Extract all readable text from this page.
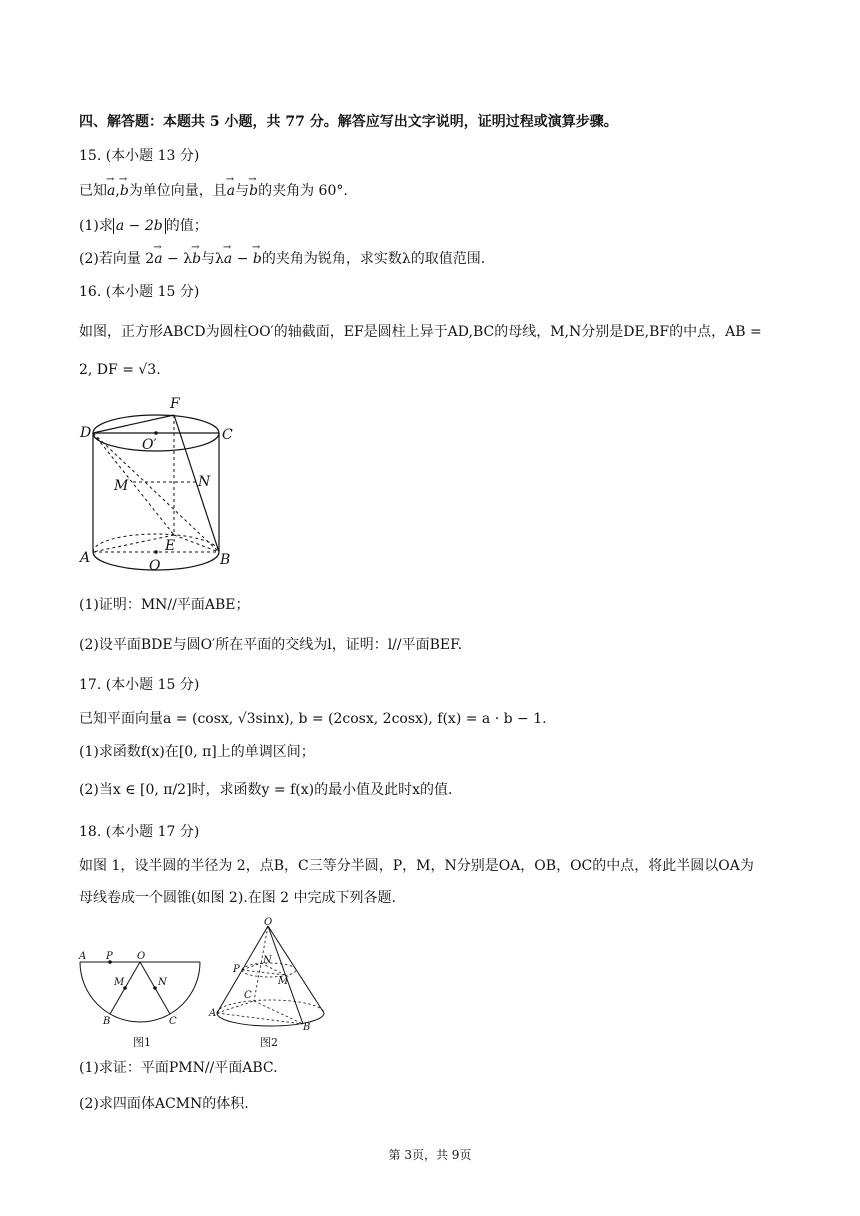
四、解答题：本题共 5 小题，共 77 分。解答应写出文字说明，证明过程或演算步骤。
15. (本小题 13 分)
已知→ a,→ b为单位向量，且→ a与→ b的夹角为 60°.
(1)求 a − 2b 的值；
(2)若向量 2→ a − λ→ b与λ→ a − → b的夹角为锐角，求实数λ的取值范围.
16. (本小题 15 分)
如图，正方形ABCD为圆柱OO′的轴截面，EF是圆柱上异于AD,BC的母线，M,N分别是DE,BF的中点，AB =
2, DF = √3.
F
D
O′
C
M	N
E
A	O	B
(1)证明：MN//平面ABE；
(2)设平面BDE与圆O′所在平面的交线为l，证明：l//平面BEF.
17. (本小题 15 分)
已知平面向量a = (cosx, √3sinx), b = (2cosx, 2cosx), f(x) = a · b − 1.
(1)求函数f(x)在[0, π]上的单调区间；
(2)当x ∈ [0, π/2]时，求函数y = f(x)的最小值及此时x的值.
18. (本小题 17 分)
如图 1，设半圆的半径为 2，点B，C三等分半圆，P，M，N分别是OA，OB，OC的中点，将此半圆以OA为
母线卷成一个圆锥(如图 2).在图 2 中完成下列各题.
A P O
M	N
B	C
图1
O
P
N
M
C
A
B
图2
(1)求证：平面PMN//平面ABC.
(2)求四面体ACMN的体积.
第 3页，共 9页
